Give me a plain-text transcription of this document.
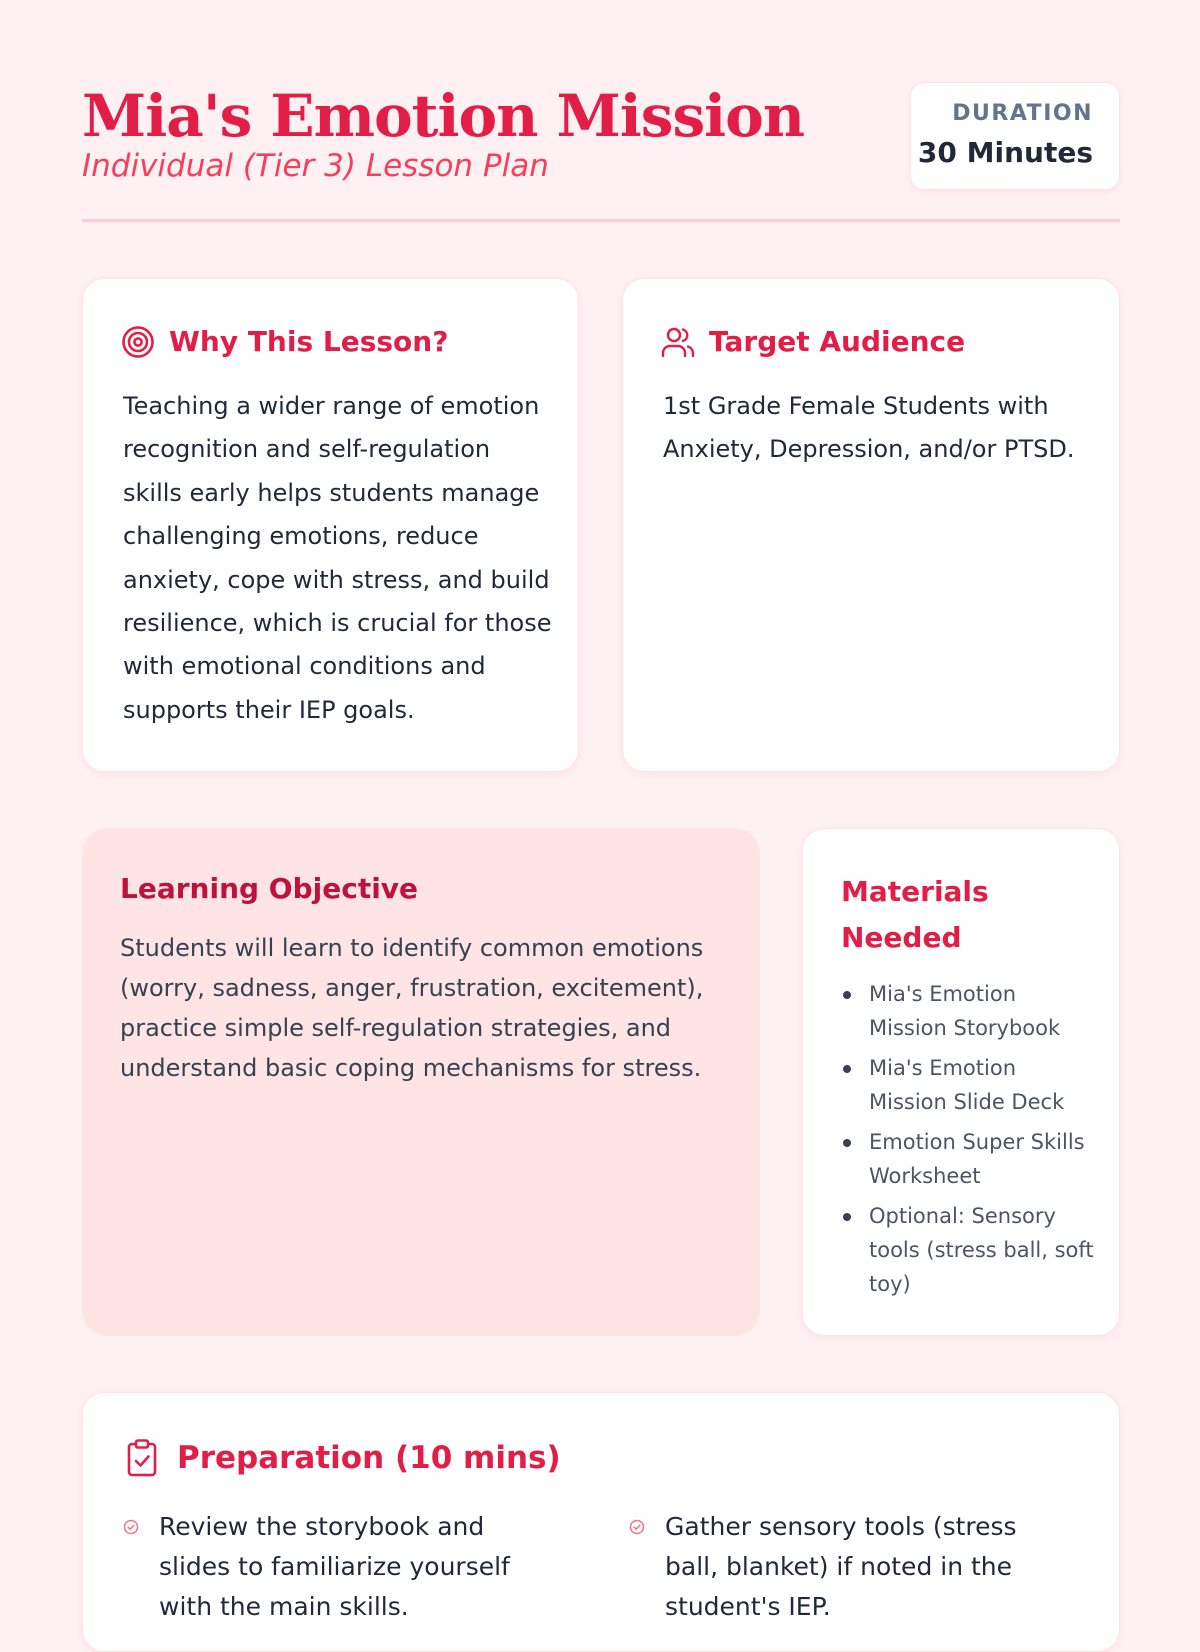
Mia's Emotion Mission
Individual (Tier 3) Lesson Plan
DURATION
30 Minutes
Why This Lesson?
Teaching a wider range of emotion recognition and self-regulation skills early helps students manage challenging emotions, reduce anxiety, cope with stress, and build resilience, which is crucial for those with emotional conditions and supports their IEP goals.
Target Audience
1st Grade Female Students with Anxiety, Depression, and/or PTSD.
Learning Objective
Students will learn to identify common emotions (worry, sadness, anger, frustration, excitement), practice simple self-regulation strategies, and understand basic coping mechanisms for stress.
Materials Needed
Mia's Emotion Mission Storybook
Mia's Emotion Mission Slide Deck
Emotion Super Skills Worksheet
Optional: Sensory tools (stress ball, soft toy)
Preparation (10 mins)
Review the storybook and slides to familiarize yourself with the main skills.
Gather sensory tools (stress ball, blanket) if noted in the student's IEP.
